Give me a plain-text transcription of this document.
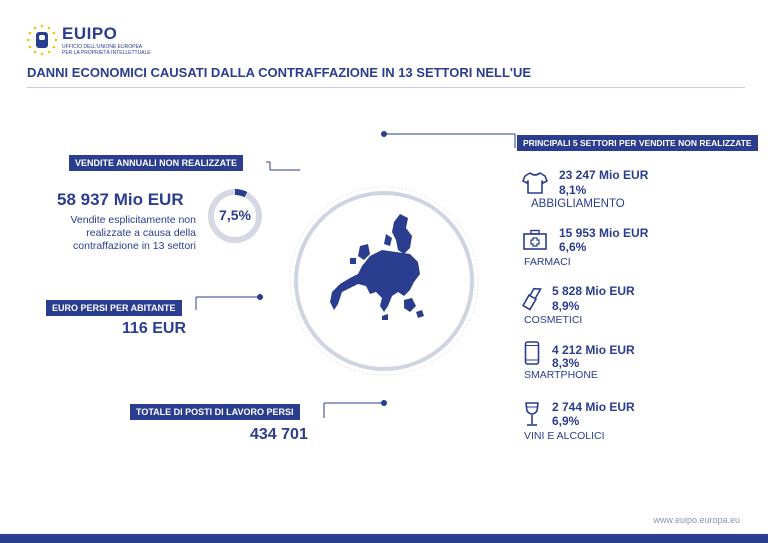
EUIPO
UFFICIO DELL'UNIONE EUROPEA
PER LA PROPRIETÀ INTELLETTUALE
DANNI ECONOMICI CAUSATI DALLA CONTRAFFAZIONE IN 13 SETTORI NELL'UE
VENDITE ANNUALI NON REALIZZATE
58 937 Mio EUR
Vendite esplicitamente non
realizzate a causa della
contraffazione in 13 settori
7,5%
EURO PERSI PER ABITANTE
116 EUR
TOTALE DI POSTI DI LAVORO PERSI
434 701
PRINCIPALI 5 SETTORI PER VENDITE NON REALIZZATE
23 247 Mio EUR
8,1%
ABBIGLIAMENTO
15 953 Mio EUR
6,6%
FARMACI
5 828 Mio EUR
8,9%
COSMETICI
4 212 Mio EUR
8,3%
SMARTPHONE
2 744 Mio EUR
6,9%
VINI E ALCOLICI
www.euipo.europa.eu
